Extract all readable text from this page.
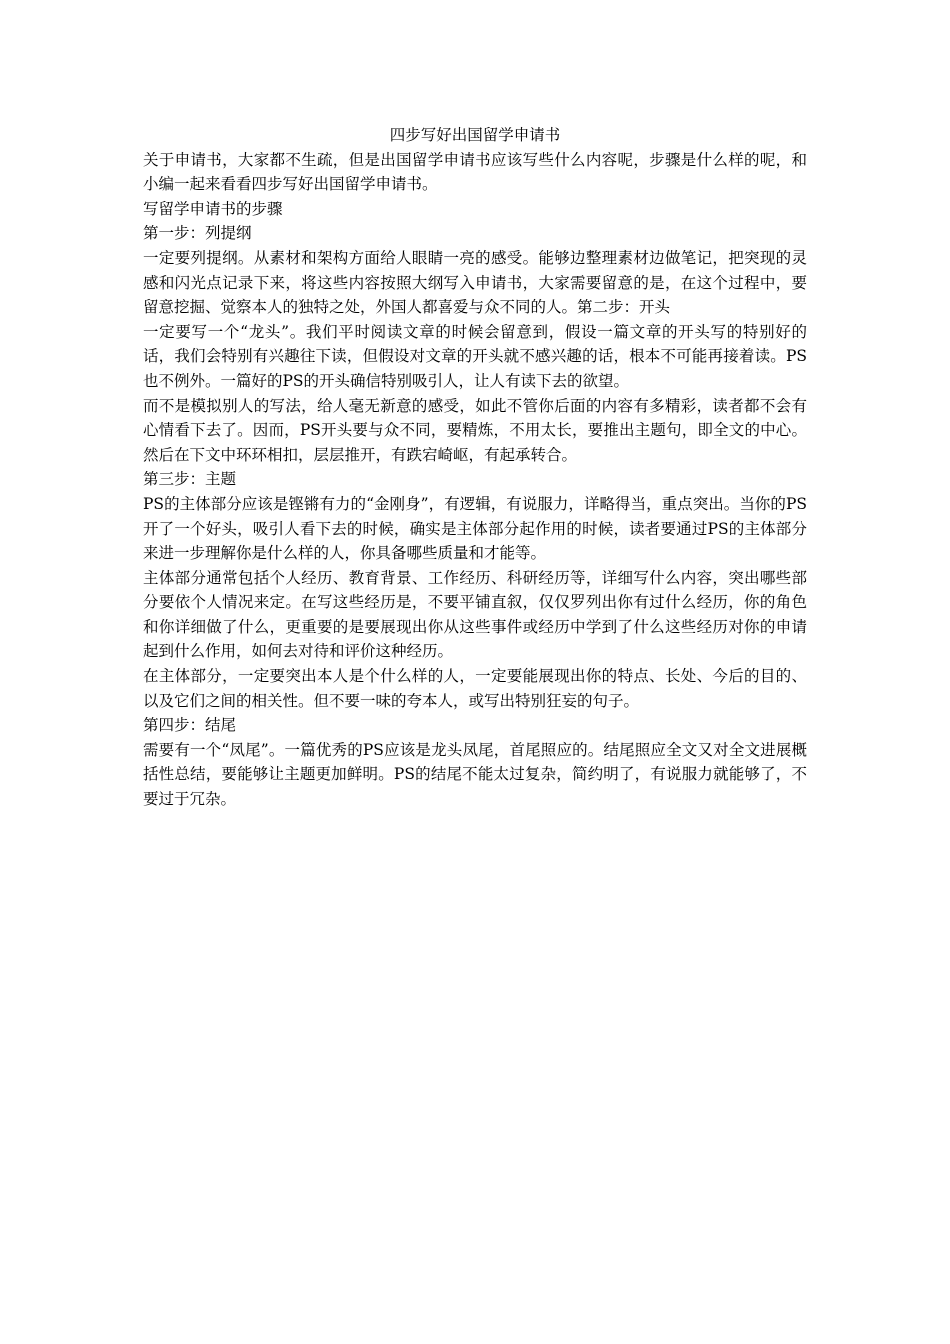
四步写好出国留学申请书

关于申请书，大家都不生疏，但是出国留学申请书应该写些什么内容呢，步骤是什么样的呢，和小编一起来看看四步写好出国留学申请书。

写留学申请书的步骤

第一步：列提纲

一定要列提纲。从素材和架构方面给人眼睛一亮的感受。能够边整理素材边做笔记，把突现的灵感和闪光点记录下来，将这些内容按照大纲写入申请书，大家需要留意的是，在这个过程中，要留意挖掘、觉察本人的独特之处，外国人都喜爱与众不同的人。第二步：开头

一定要写一个“龙头”。我们平时阅读文章的时候会留意到，假设一篇文章的开头写的特别好的话，我们会特别有兴趣往下读，但假设对文章的开头就不感兴趣的话，根本不可能再接着读。PS也不例外。一篇好的PS的开头确信特别吸引人，让人有读下去的欲望。

而不是模拟别人的写法，给人毫无新意的感受，如此不管你后面的内容有多精彩，读者都不会有心情看下去了。因而，PS开头要与众不同，要精炼，不用太长，要推出主题句，即全文的中心。然后在下文中环环相扣，层层推开，有跌宕崎岖，有起承转合。

第三步：主题

PS的主体部分应该是铿锵有力的“金刚身”，有逻辑，有说服力，详略得当，重点突出。当你的PS开了一个好头，吸引人看下去的时候，确实是主体部分起作用的时候，读者要通过PS的主体部分来进一步理解你是什么样的人，你具备哪些质量和才能等。

主体部分通常包括个人经历、教育背景、工作经历、科研经历等，详细写什么内容，突出哪些部分要依个人情况来定。在写这些经历是，不要平铺直叙，仅仅罗列出你有过什么经历，你的角色和你详细做了什么，更重要的是要展现出你从这些事件或经历中学到了什么这些经历对你的申请起到什么作用，如何去对待和评价这种经历。

在主体部分，一定要突出本人是个什么样的人，一定要能展现出你的特点、长处、今后的目的、以及它们之间的相关性。但不要一味的夸本人，或写出特别狂妄的句子。

第四步：结尾

需要有一个“凤尾”。一篇优秀的PS应该是龙头凤尾，首尾照应的。结尾照应全文又对全文进展概括性总结，要能够让主题更加鲜明。PS的结尾不能太过复杂，简约明了，有说服力就能够了，不要过于冗杂。
